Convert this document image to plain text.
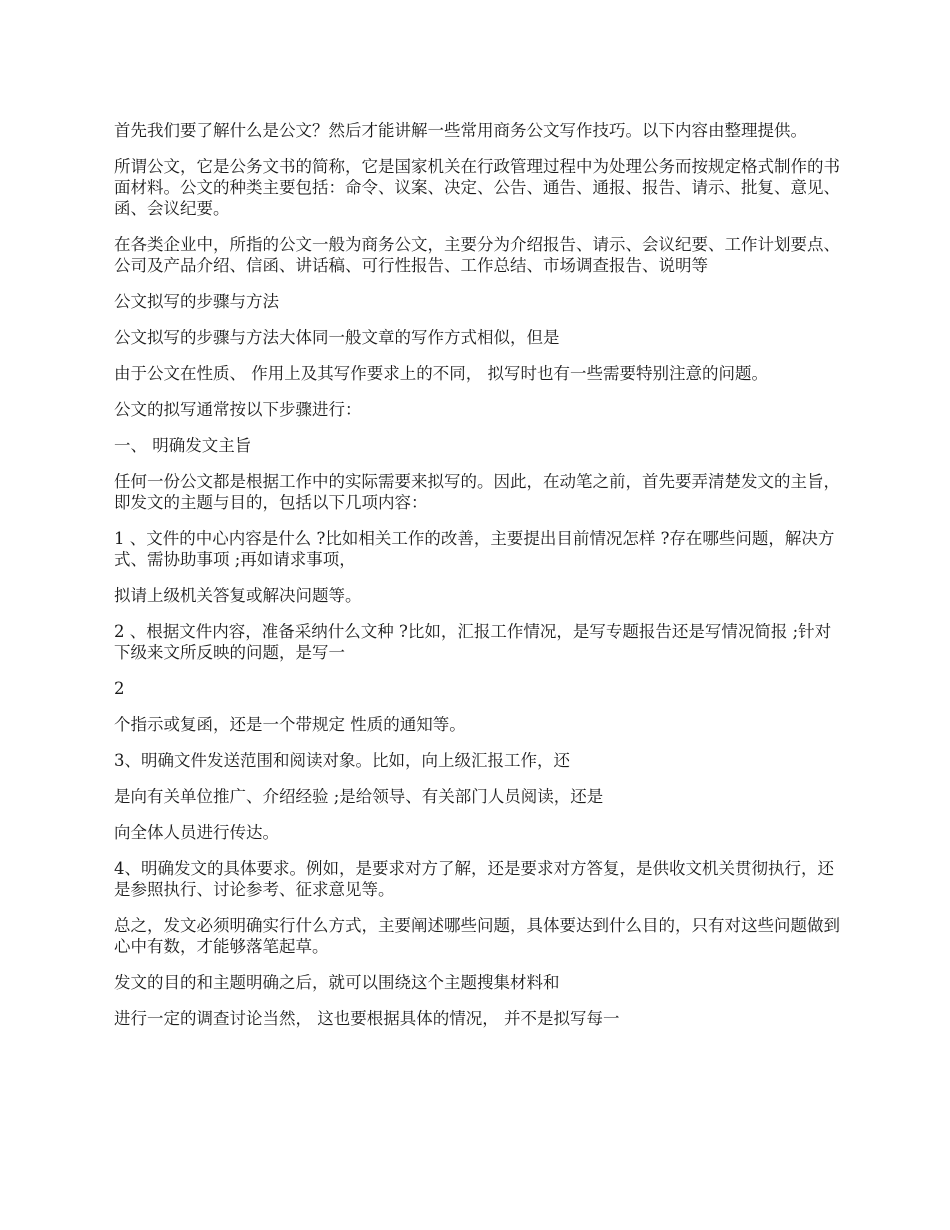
首先我们要了解什么是公文？然后才能讲解一些常用商务公文写作技巧。以下内容由整理提供。

所谓公文，它是公务文书的简称，它是国家机关在行政管理过程中为处理公务而按规定格式制作的书面材料。公文的种类主要包括：命令、议案、决定、公告、通告、通报、报告、请示、批复、意见、函、会议纪要。

在各类企业中，所指的公文一般为商务公文，主要分为介绍报告、请示、会议纪要、工作计划要点、公司及产品介绍、信函、讲话稿、可行性报告、工作总结、市场调查报告、说明等

公文拟写的步骤与方法

公文拟写的步骤与方法大体同一般文章的写作方式相似，但是

由于公文在性质、 作用上及其写作要求上的不同， 拟写时也有一些需要特别注意的问题。

公文的拟写通常按以下步骤进行：

一、 明确发文主旨

任何一份公文都是根据工作中的实际需要来拟写的。因此，在动笔之前，首先要弄清楚发文的主旨，即发文的主题与目的，包括以下几项内容：

1 、文件的中心内容是什么 ?比如相关工作的改善，主要提出目前情况怎样 ?存在哪些问题，解决方式、需协助事项 ;再如请求事项，

拟请上级机关答复或解决问题等。

2 、根据文件内容，准备采纳什么文种 ?比如，汇报工作情况，是写专题报告还是写情况简报 ;针对下级来文所反映的问题，是写一

2

个指示或复函，还是一个带规定 性质的通知等。

3、明确文件发送范围和阅读对象。比如，向上级汇报工作，还

是向有关单位推广、介绍经验 ;是给领导、有关部门人员阅读，还是

向全体人员进行传达。

4、明确发文的具体要求。例如，是要求对方了解，还是要求对方答复，是供收文机关贯彻执行，还是参照执行、讨论参考、征求意见等。

总之，发文必须明确实行什么方式，主要阐述哪些问题，具体要达到什么目的，只有对这些问题做到心中有数，才能够落笔起草。

发文的目的和主题明确之后，就可以围绕这个主题搜集材料和

进行一定的调查讨论当然， 这也要根据具体的情况， 并不是拟写每一
